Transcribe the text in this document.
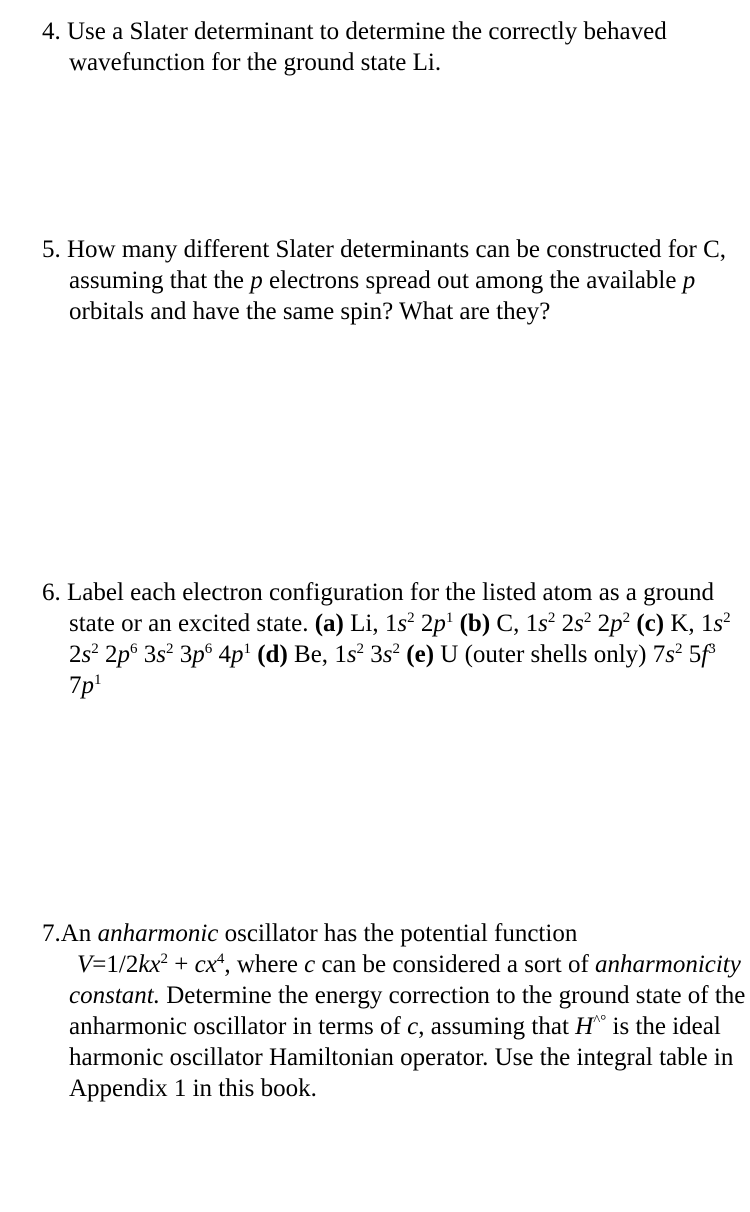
4. Use a Slater determinant to determine the correctly behaved wavefunction for the ground state Li.
5. How many different Slater determinants can be constructed for C, assuming that the p electrons spread out among the available p orbitals and have the same spin? What are they?
6. Label each electron configuration for the listed atom as a ground state or an excited state. (a) Li, $1s^2$ $2p^1$ (b) C, $1s^2$ $2s^2$ $2p^2$ (c) K, $1s^2$ $2s^2$ $2p^6$ $3s^2$ $3p^6$ $4p^1$ (d) Be, $1s^2$ $3s^2$ (e) U (outer shells only) $7s^2$ $5f^3$ $7p^1$
7.An anharmonic oscillator has the potential function
$V=1/2kx^2 + cx^4$, where c can be considered a sort of anharmonicity constant. Determine the energy correction to the ground state of the anharmonic oscillator in terms of c, assuming that H^° is the ideal harmonic oscillator Hamiltonian operator. Use the integral table in Appendix 1 in this book.
